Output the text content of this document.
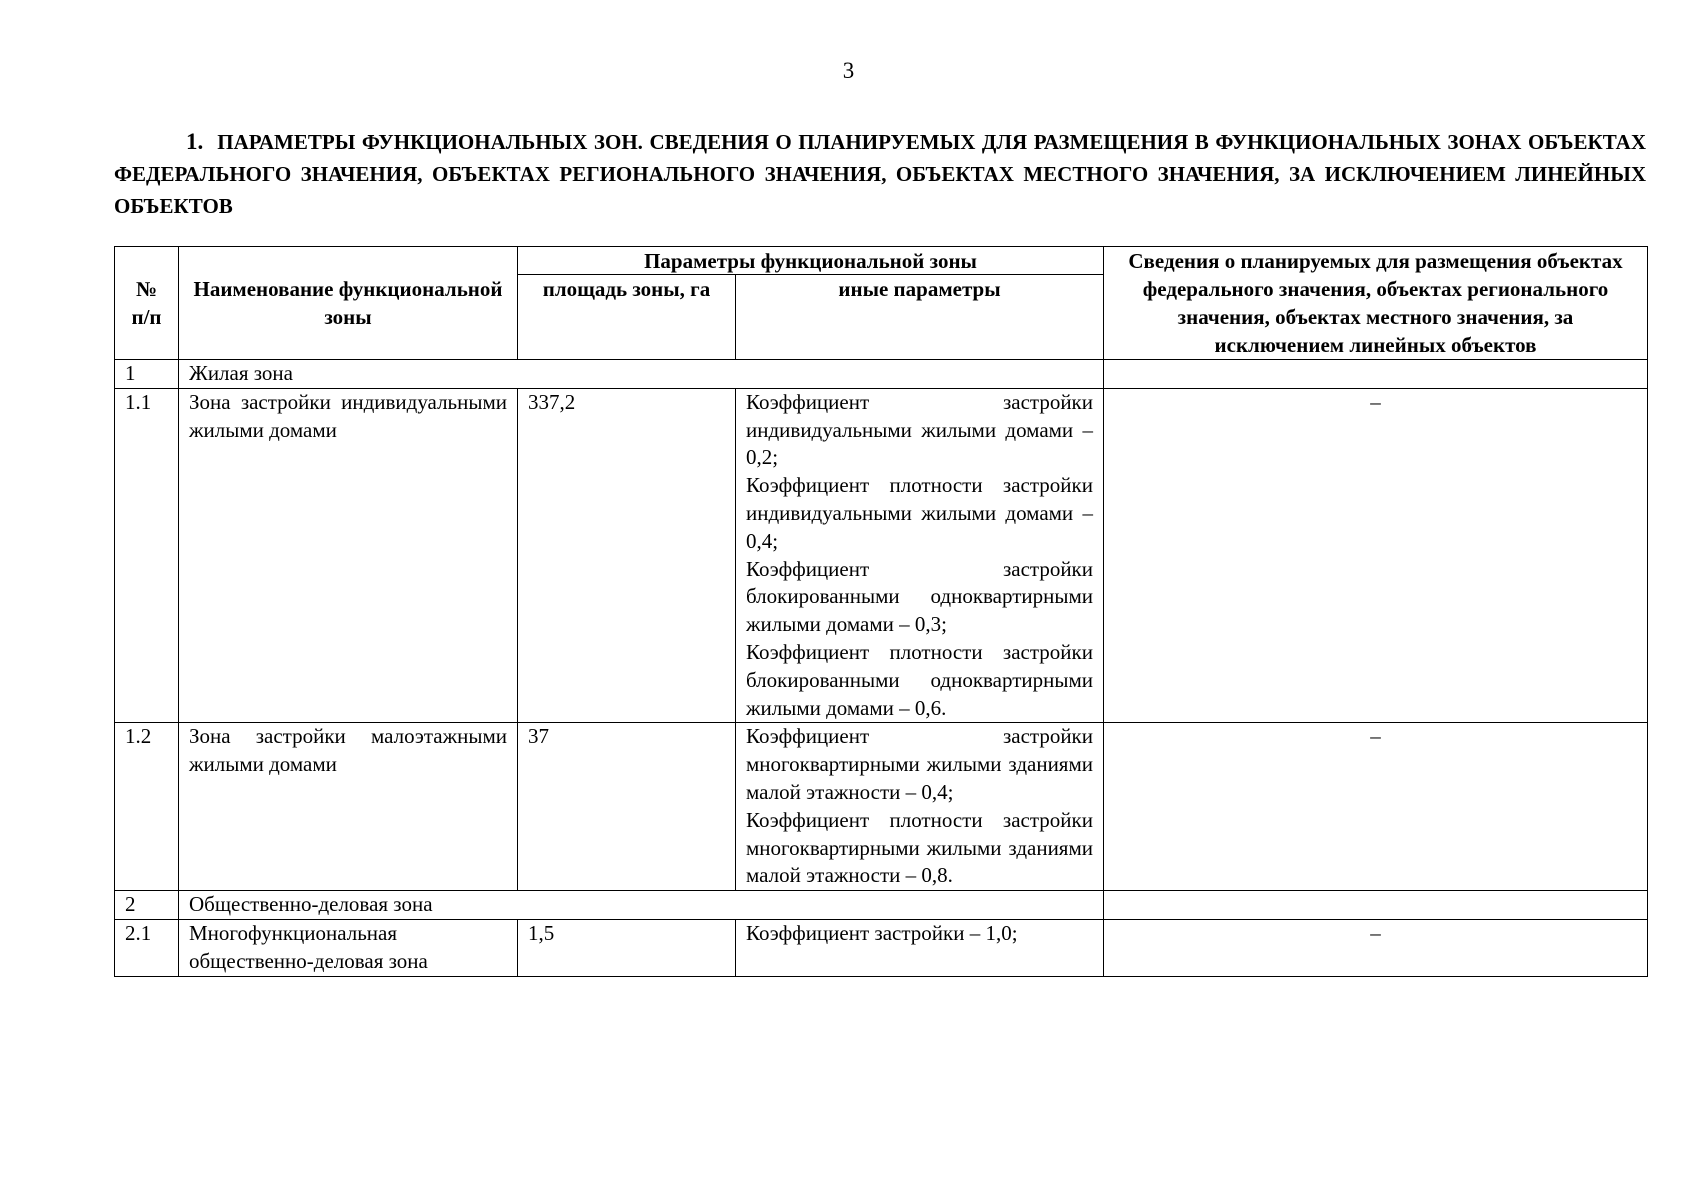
3
1. ПАРАМЕТРЫ ФУНКЦИОНАЛЬНЫХ ЗОН. СВЕДЕНИЯ О ПЛАНИРУЕМЫХ ДЛЯ РАЗМЕЩЕНИЯ В ФУНКЦИОНАЛЬНЫХ ЗОНАХ ОБЪЕКТАХ ФЕДЕРАЛЬНОГО ЗНАЧЕНИЯ, ОБЪЕКТАХ РЕГИОНАЛЬНОГО ЗНАЧЕНИЯ, ОБЪЕКТАХ МЕСТНОГО ЗНАЧЕНИЯ, ЗА ИСКЛЮЧЕНИЕМ ЛИНЕЙНЫХ ОБЪЕКТОВ
№ п/п	Наименование функциональной зоны	Параметры функциональной зоны		Сведения о планируемых для размещения объектах федерального значения, объектах регионального значения, объектах местного значения, за исключением линейных объектов
		площадь зоны, га	иные параметры	
1	Жилая зона			
1.1	Зона застройки индивидуальными жилыми домами	337,2	Коэффициент застройки индивидуальными жилыми домами – 0,2;
Коэффициент плотности застройки индивидуальными жилыми домами – 0,4;
Коэффициент застройки блокированными одноквартирными жилыми домами – 0,3;
Коэффициент плотности застройки блокированными одноквартирными жилыми домами – 0,6.	–
1.2	Зона застройки малоэтажными жилыми домами	37	Коэффициент застройки многоквартирными жилыми зданиями малой этажности – 0,4;
Коэффициент плотности застройки многоквартирными жилыми зданиями малой этажности – 0,8.	–
2	Общественно-деловая зона			
2.1	Многофункциональная общественно-деловая зона	1,5	Коэффициент застройки – 1,0;	–
